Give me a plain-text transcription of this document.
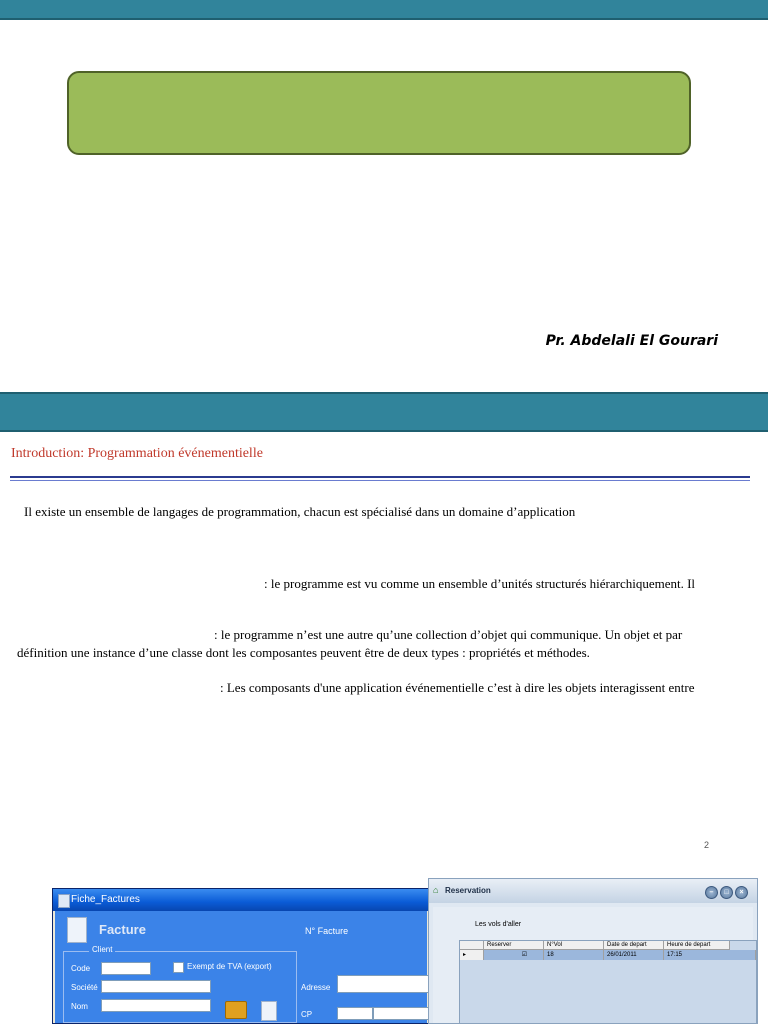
Pr. Abdelali El Gourari
Introduction: Programmation événementielle
Il existe un ensemble de langages de programmation, chacun est spécialisé dans un domaine d’application
: le programme est vu comme un ensemble d’unités structurés hiérarchiquement. Il
: le programme n’est une autre qu’une collection d’objet qui communique. Un objet et par
définition une instance d’une classe dont les composantes peuvent être de deux types : propriétés et méthodes.
: Les composants d'une application événementielle c’est à dire les objets interagissent entre
2
Fiche_Factures
Facture	N° Facture
Client
Code	Exempt de TVA (export)
Société
Nom
Adresse
CP
⌂ Reservation	–	□	×
Les vols d'aller
Reserver	N°Vol	Date de depart	Heure de depart
▸	☑	18	26/01/2011	17:15
